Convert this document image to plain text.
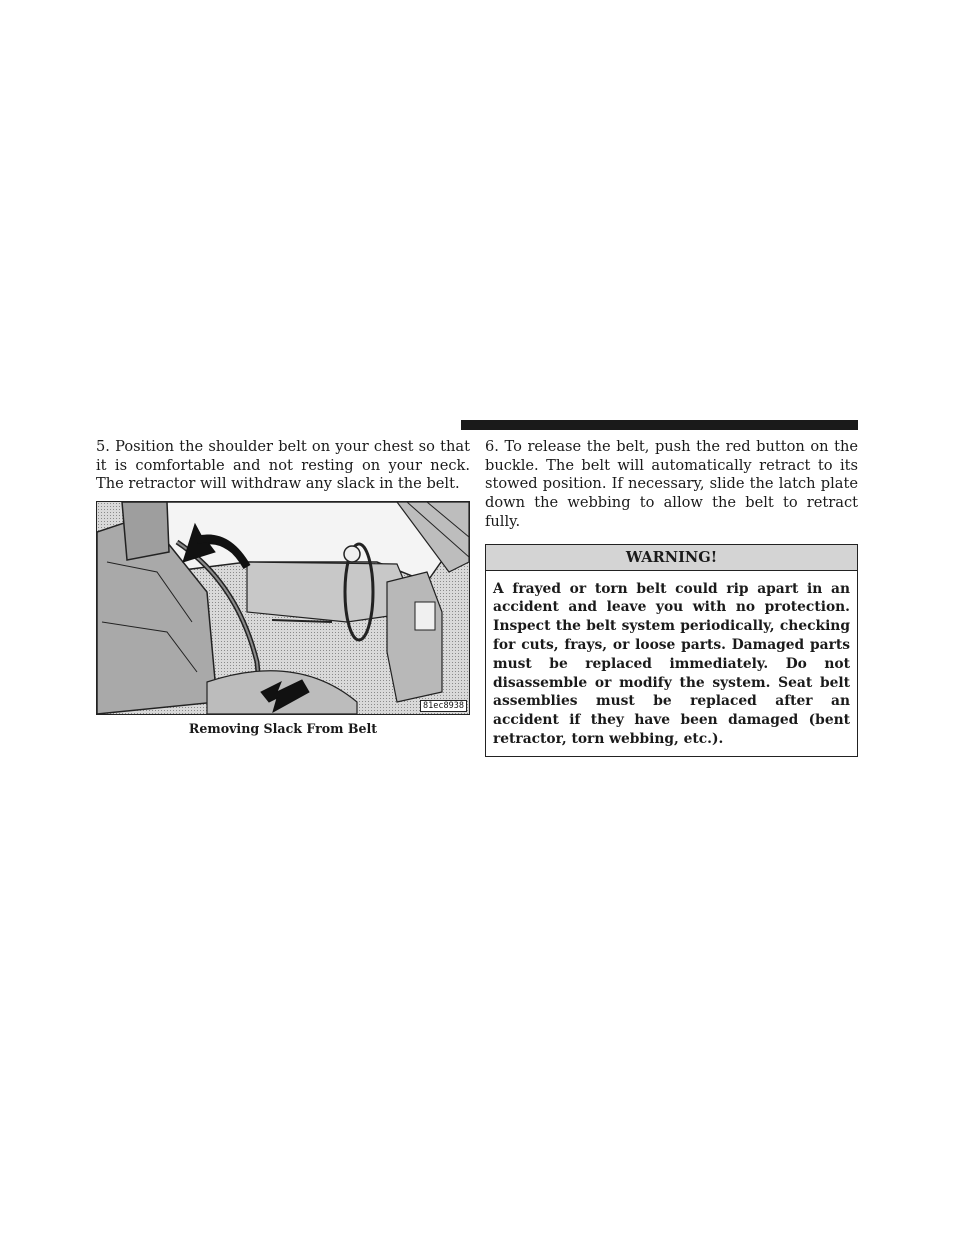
5. Position the shoulder belt on your chest so that it is comfortable and not resting on your neck. The retractor will withdraw any slack in the belt.

81ec8938

Removing Slack From Belt

6. To release the belt, push the red button on the buckle. The belt will automatically retract to its stowed position. If necessary, slide the latch plate down the webbing to allow the belt to retract fully.

WARNING!

A frayed or torn belt could rip apart in an accident and leave you with no protection. Inspect the belt system periodically, checking for cuts, frays, or loose parts. Damaged parts must be replaced immediately. Do not disassemble or modify the system. Seat belt assemblies must be replaced after an accident if they have been damaged (bent retractor, torn webbing, etc.).
